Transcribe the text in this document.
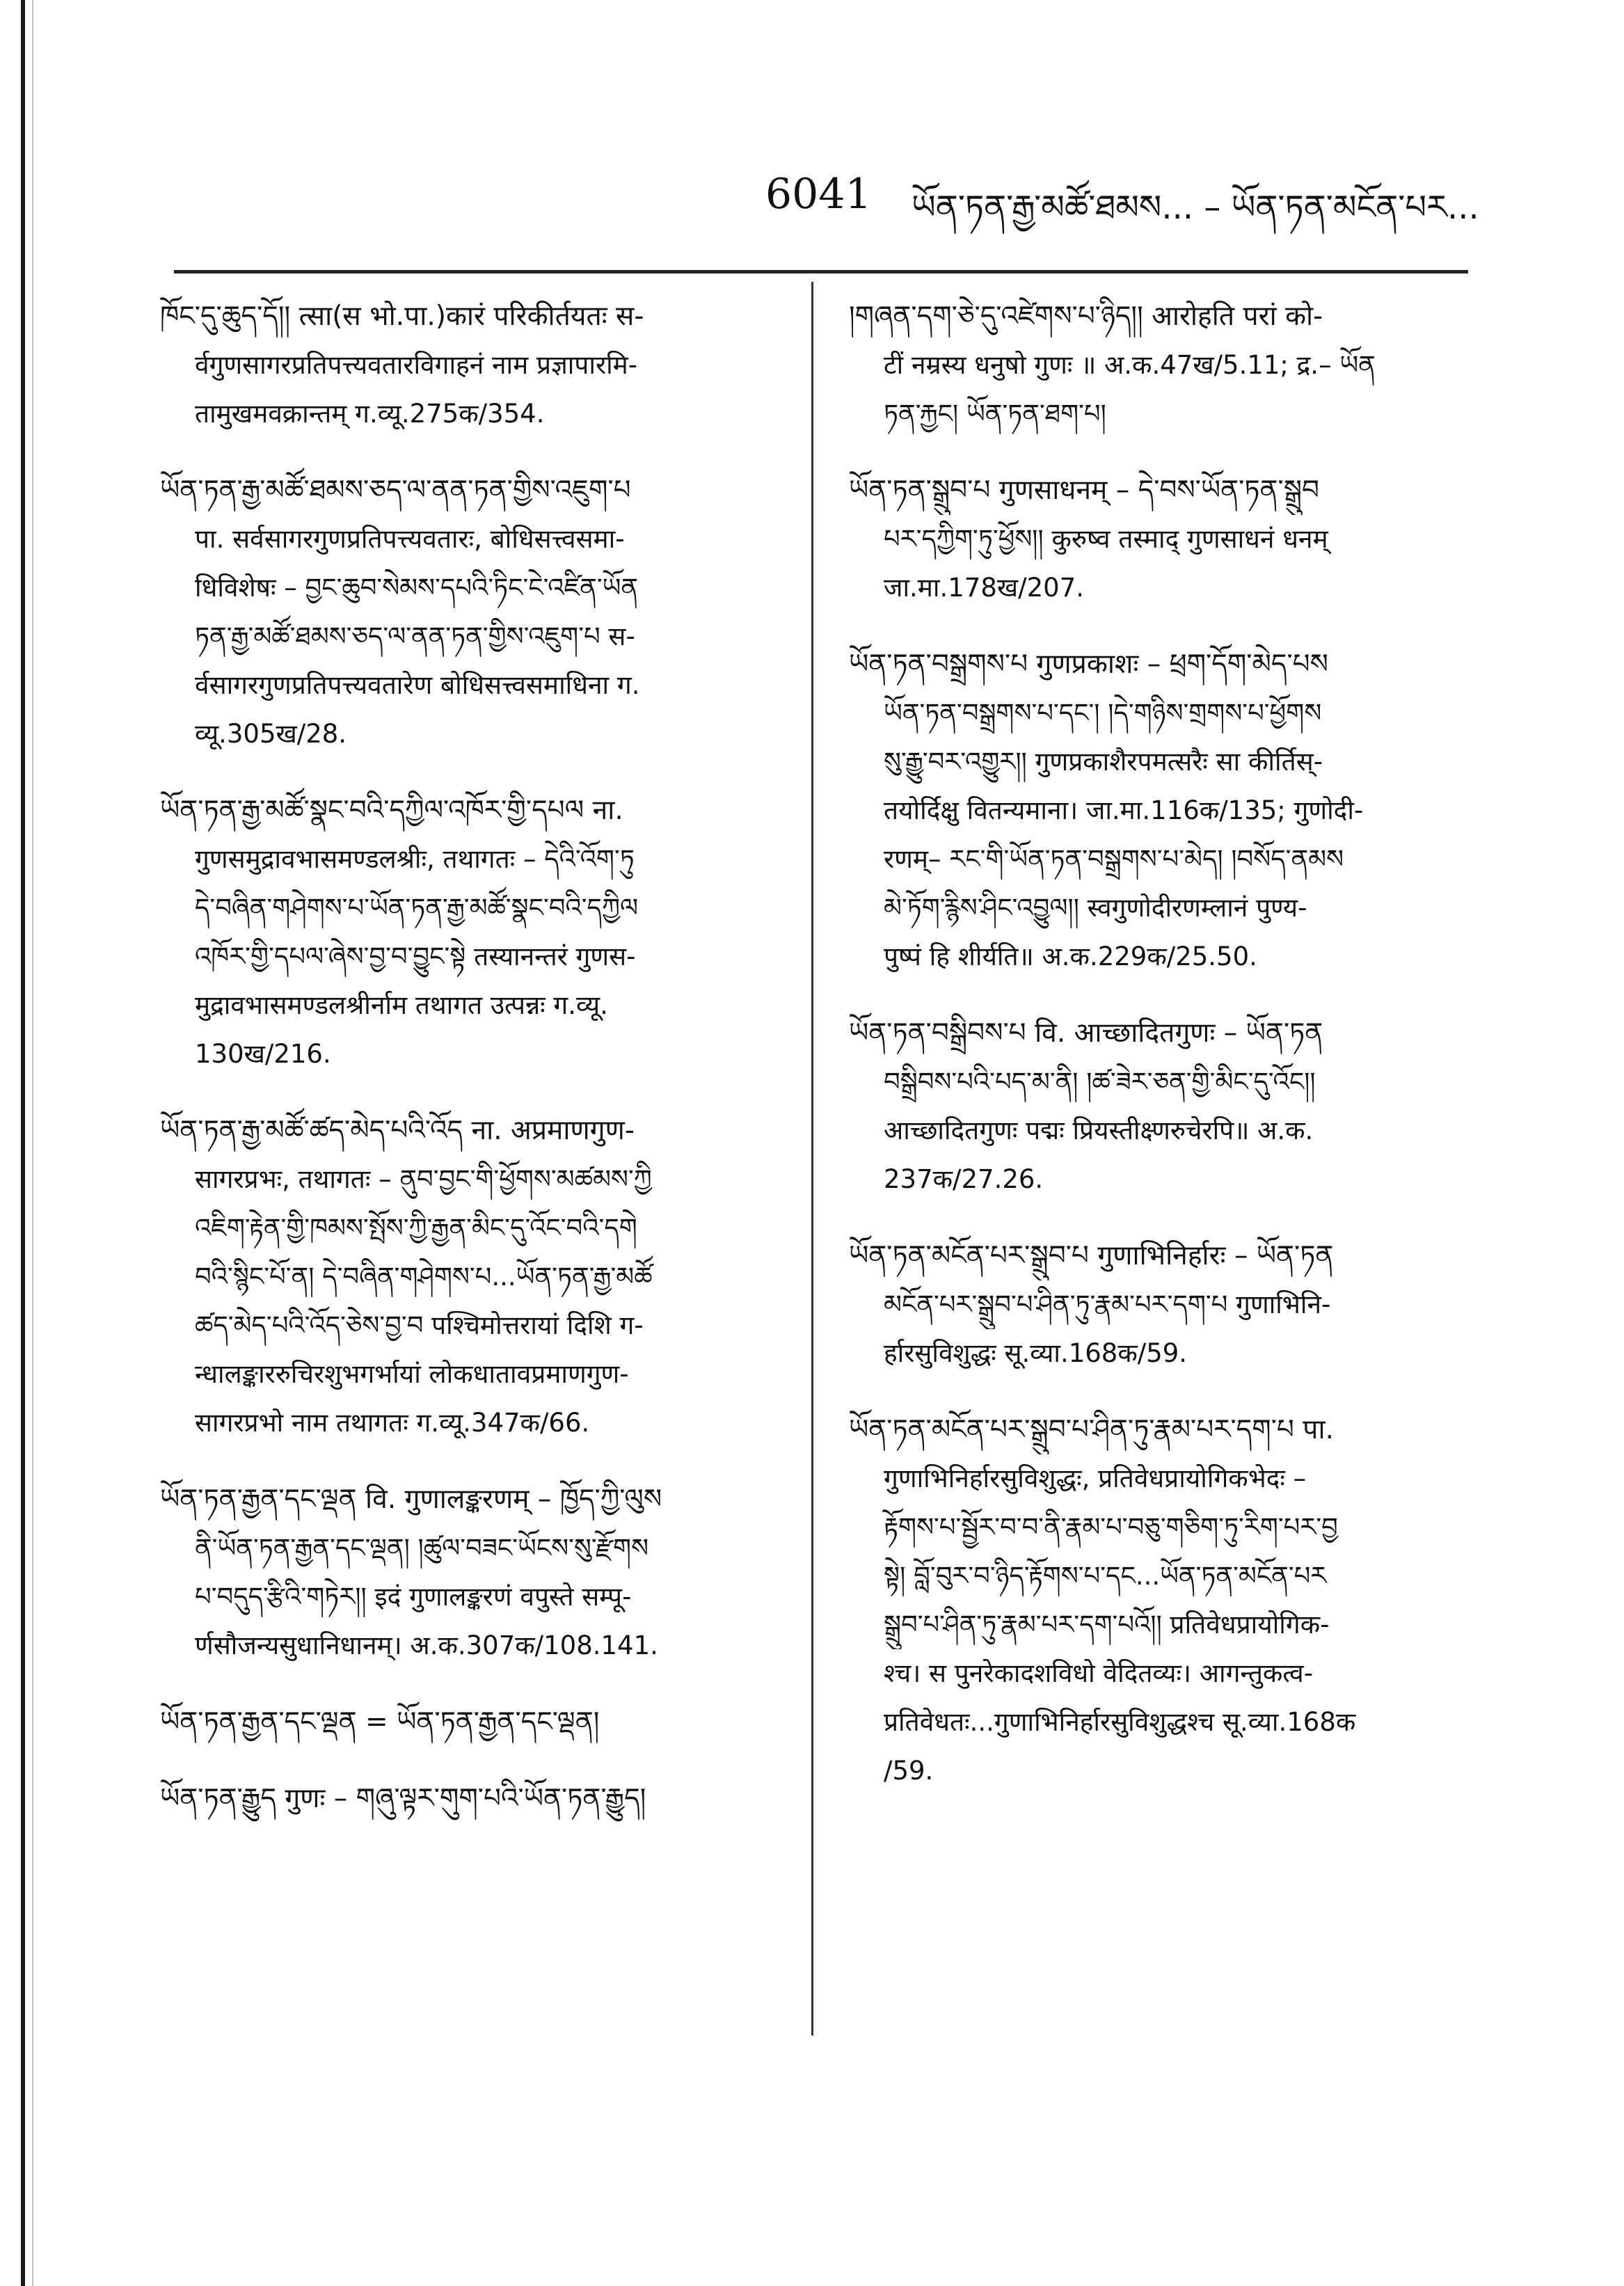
6041 ཡོན་ཏན་རྒྱ་མཚོ་ཐམས... – ཡོན་ཏན་མངོན་པར...
ཁོང་དུ་ཆུད་དོ།། त्सा(स भो.पा.)कारं परिकीर्तयतः स-
र्वगुणसागरप्रतिपत्त्यवतारविगाहनं नाम प्रज्ञापारमि-
तामुखमवक्रान्तम् ग.व्यू.275क/354.
ཡོན་ཏན་རྒྱ་མཚོ་ཐམས་ཅད་ལ་ནན་ཏན་གྱིས་འཇུག་པ
पा. सर्वसागरगुणप्रतिपत्त्यवतारः, बोधिसत्त्वसमा-
धिविशेषः – བྱང་ཆུབ་སེམས་དཔའི་ཏིང་ངེ་འཛིན་ཡོན
ཏན་རྒྱ་མཚོ་ཐམས་ཅད་ལ་ནན་ཏན་གྱིས་འཇུག་པ स-
र्वसागरगुणप्रतिपत्त्यवतारेण बोधिसत्त्वसमाधिना ग.
व्यू.305ख/28.
ཡོན་ཏན་རྒྱ་མཚོ་སྣང་བའི་དཀྱིལ་འཁོར་གྱི་དཔལ ना.
गुणसमुद्रावभासमण्डलश्रीः, तथागतः – དེའི་འོག་ཏུ
དེ་བཞིན་གཤེགས་པ་ཡོན་ཏན་རྒྱ་མཚོ་སྣང་བའི་དཀྱིལ
འཁོར་གྱི་དཔལ་ཞེས་བྱ་བ་བྱུང་སྟེ तस्यानन्तरं गुणस-
मुद्रावभासमण्डलश्रीर्नाम तथागत उत्पन्नः ग.व्यू.
130ख/216.
ཡོན་ཏན་རྒྱ་མཚོ་ཚད་མེད་པའི་འོད ना. अप्रमाणगुण-
सागरप्रभः, तथागतः – ནུབ་བྱང་གི་ཕྱོགས་མཚམས་ཀྱི
འཇིག་རྟེན་གྱི་ཁམས་སྤོས་ཀྱི་རྒྱན་མིང་དུ་འོང་བའི་དགེ
བའི་སྙིང་པོ་ན། དེ་བཞིན་གཤེགས་པ...ཡོན་ཏན་རྒྱ་མཚོ
ཚད་མེད་པའི་འོད་ཅེས་བྱ་བ पश्चिमोत्तरायां दिशि ग-
न्धालङ्काररुचिरशुभगर्भायां लोकधातावप्रमाणगुण-
सागरप्रभो नाम तथागतः ग.व्यू.347क/66.
ཡོན་ཏན་རྒྱན་དང་ལྡན वि. गुणालङ्करणम् – ཁྱོད་ཀྱི་ལུས
ནི་ཡོན་ཏན་རྒྱན་དང་ལྡན། །ཚུལ་བཟང་ཡོངས་སུ་རྫོགས
པ་བདུད་རྩིའི་གཏེར།། इदं गुणालङ्करणं वपुस्ते सम्पू-
र्णसौजन्यसुधानिधानम्। अ.क.307क/108.141.
ཡོན་ཏན་རྒྱན་དང་ལྡན = ཡོན་ཏན་རྒྱན་དང་ལྡན།
ཡོན་ཏན་རྒྱུད गुणः – གཞུ་ལྟར་གུག་པའི་ཡོན་ཏན་རྒྱུད།
།གཞན་དག་ཅེ་དུ་འཛེགས་པ་ཉིད།། आरोहति परां को-
टीं नम्रस्य धनुषो गुणः ॥ अ.क.47ख/5.11; द्र.– ཡོན
ཏན་རྐྱང། ཡོན་ཏན་ཐག་པ།
ཡོན་ཏན་སྒྲུབ་པ गुणसाधनम् – དེ་བས་ཡོན་ཏན་སྒྲུབ
པར་དཀྱིག་ཏུ་ཕྱོས།། कुरुष्व तस्माद् गुणसाधनं धनम्
जा.मा.178ख/207.
ཡོན་ཏན་བསྒྲགས་པ गुणप्रकाशः – ཕྲག་དོག་མེད་པས
ཡོན་ཏན་བསྒྲགས་པ་དང་། །དེ་གཉིས་གྲགས་པ་ཕྱོགས
སུ་རྒྱུ་བར་འགྱུར།། गुणप्रकाशैरपमत्सरैः सा कीर्तिस्-
तयोर्दिक्षु वितन्यमाना। जा.मा.116क/135; गुणोदी-
रणम्– རང་གི་ཡོན་ཏན་བསྒྲགས་པ་མེད། །བསོད་ནམས
མེ་ཏོག་རྙིས་ཤིང་འབྱུལ།། स्वगुणोदीरणम्लानं पुण्य-
पुष्पं हि शीर्यति॥ अ.क.229क/25.50.
ཡོན་ཏན་བསྒྲིབས་པ वि. आच्छादितगुणः – ཡོན་ཏན
བསྒྲིབས་པའི་པད་མ་ནི། །ཚ་ཟེར་ཅན་གྱི་མིང་དུ་འོང།།
आच्छादितगुणः पद्मः प्रियस्तीक्ष्णरुचेरपि॥ अ.क.
237क/27.26.
ཡོན་ཏན་མངོན་པར་སྒྲུབ་པ गुणाभिनिर्हारः – ཡོན་ཏན
མངོན་པར་སྒྲུབ་པ་ཤིན་ཏུ་རྣམ་པར་དག་པ गुणाभिनि-
र्हारसुविशुद्धः सू.व्या.168क/59.
ཡོན་ཏན་མངོན་པར་སྒྲུབ་པ་ཤིན་ཏུ་རྣམ་པར་དག་པ पा.
गुणाभिनिर्हारसुविशुद्धः, प्रतिवेधप्रायोगिकभेदः –
རྟོགས་པ་སྦྱོར་བ་བ་ནི་རྣམ་པ་བཅུ་གཅིག་ཏུ་རིག་པར་བྱ
སྟེ། བློ་བུར་བ་ཉིད་རྟོགས་པ་དང...ཡོན་ཏན་མངོན་པར
སྒྲུབ་པ་ཤིན་ཏུ་རྣམ་པར་དག་པའོ།། प्रतिवेधप्रायोगिक-
श्च। स पुनरेकादशविधो वेदितव्यः। आगन्तुकत्व-
प्रतिवेधतः...गुणाभिनिर्हारसुविशुद्धश्च सू.व्या.168क
/59.
